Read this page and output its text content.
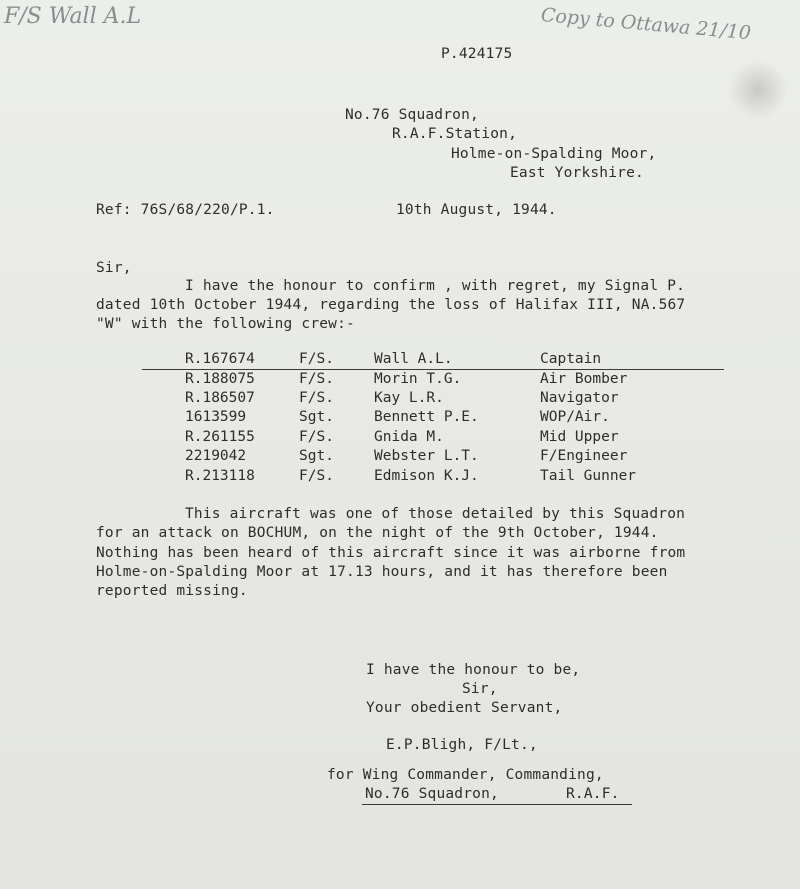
F/S Wall A.L	Copy to Ottawa 21/10
P.424175
No.76 Squadron,
R.A.F.Station,
Holme-on-Spalding Moor,
East Yorkshire.
Ref: 76S/68/220/P.1.	10th August, 1944.
Sir,
I have the honour to confirm , with regret, my Signal P.
dated 10th October 1944, regarding the loss of Halifax III, NA.567
"W" with the following crew:-
R.167674	F/S.	Wall A.L.	Captain
R.188075	F/S.	Morin T.G.	Air Bomber
R.186507	F/S.	Kay L.R.	Navigator
1613599	Sgt.	Bennett P.E.	WOP/Air.
R.261155	F/S.	Gnida M.	Mid Upper
2219042	Sgt.	Webster L.T.	F/Engineer
R.213118	F/S.	Edmison K.J.	Tail Gunner
This aircraft was one of those detailed by this Squadron
for an attack on BOCHUM, on the night of the 9th October, 1944.
Nothing has been heard of this aircraft since it was airborne from
Holme-on-Spalding Moor at 17.13 hours, and it has therefore been
reported missing.
I have the honour to be,
Sir,
Your obedient Servant,
E.P.Bligh, F/Lt.,
for Wing Commander, Commanding,
No.76 Squadron,	R.A.F.
